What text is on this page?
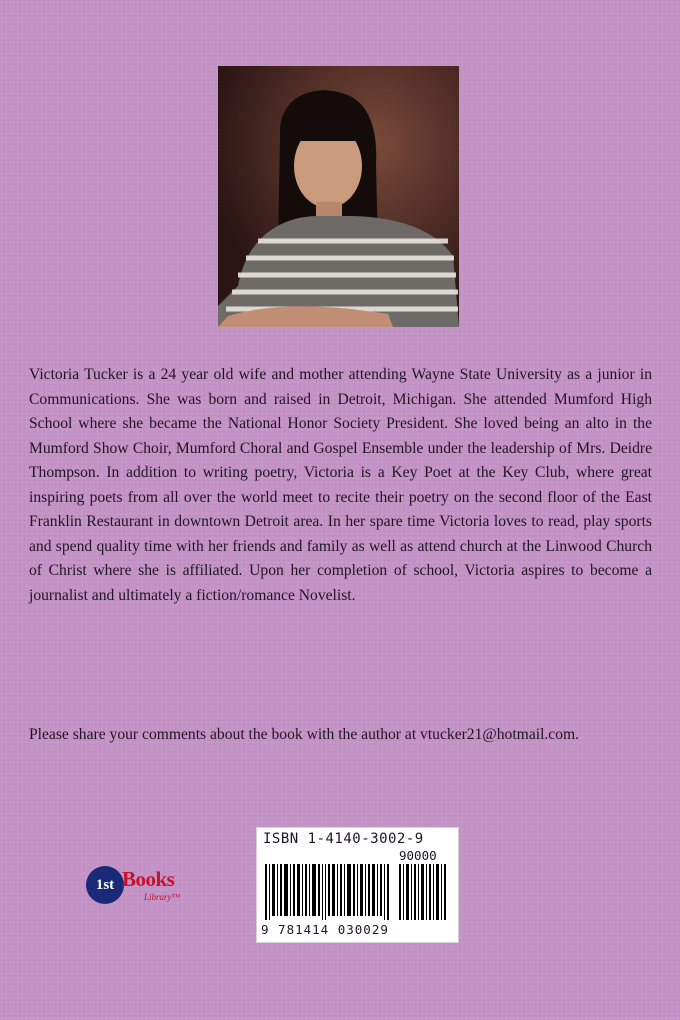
Victoria Tucker is a 24 year old wife and mother attending Wayne State University as a junior in Communications. She was born and raised in Detroit, Michigan. She attended Mumford High School where she became the National Honor Society President. She loved being an alto in the Mumford Show Choir, Mumford Choral and Gospel Ensemble under the leadership of Mrs. Deidre Thompson. In addition to writing poetry, Victoria is a Key Poet at the Key Club, where great inspiring poets from all over the world meet to recite their poetry on the second floor of the East Franklin Restaurant in downtown Detroit area. In her spare time Victoria loves to read, play sports and spend quality time with her friends and family as well as attend church at the Linwood Church of Christ where she is affiliated. Upon her completion of school, Victoria aspires to become a journalist and ultimately a fiction/romance Novelist.

Please share your comments about the book with the author at vtucker21@hotmail.com.

1st Books
Library™
ISBN 1-4140-3002-9
90000
9 781414 030029
